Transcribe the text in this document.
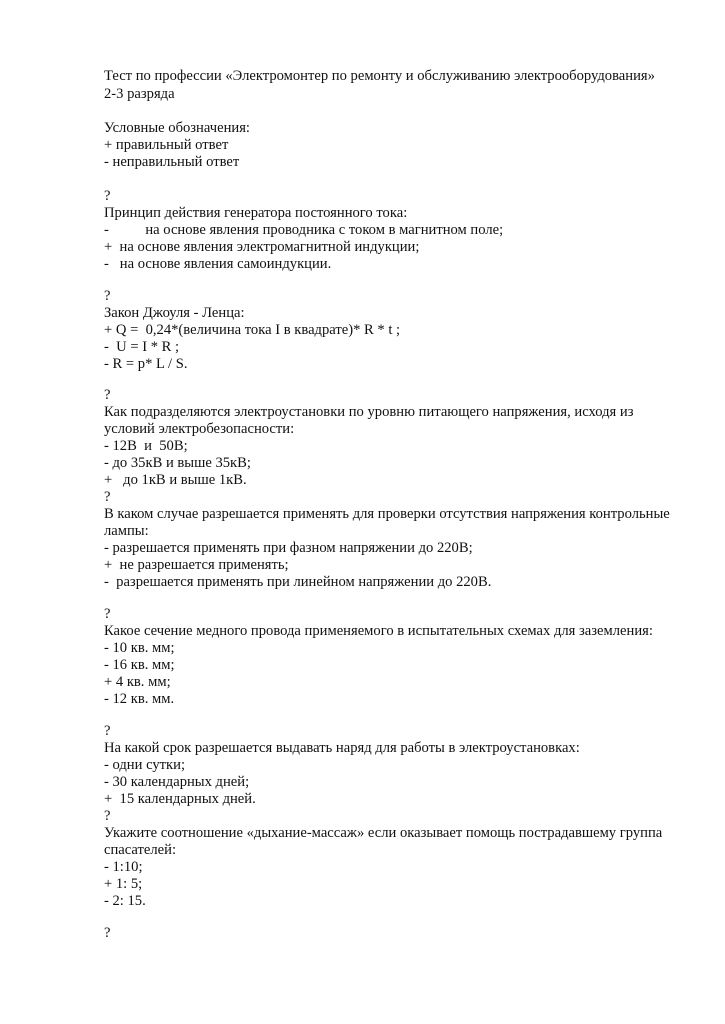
Тест по профессии «Электромонтер по ремонту и обслуживанию электрооборудования»
2-3 разряда
Условные обозначения:
+ правильный ответ
- неправильный ответ
?
Принцип действия генератора постоянного тока:
-          на основе явления проводника с током в магнитном поле;
+  на основе явления электромагнитной индукции;
-   на основе явления самоиндукции.
?
Закон Джоуля - Ленца:
+ Q =  0,24*(величина тока I в квадрате)* R * t ;
-  U = I * R ;
- R = p* L / S.
?
Как подразделяются электроустановки по уровню питающего напряжения, исходя из условий электробезопасности:
- 12В  и  50В;
- до 35кВ и выше 35кВ;
+   до 1кВ и выше 1кВ.
?
В каком случае разрешается применять для проверки отсутствия напряжения контрольные лампы:
- разрешается применять при фазном напряжении до 220В;
+  не разрешается применять;
-  разрешается применять при линейном напряжении до 220В.
?
Какое сечение медного провода применяемого в испытательных схемах для заземления:
- 10 кв. мм;
- 16 кв. мм;
+ 4 кв. мм;
- 12 кв. мм.
?
На какой срок разрешается выдавать наряд для работы в электроустановках:
- одни сутки;
- 30 календарных дней;
+  15 календарных дней.
?
Укажите соотношение «дыхание-массаж» если оказывает помощь пострадавшему группа спасателей:
- 1:10;
+ 1: 5;
- 2: 15.
?
